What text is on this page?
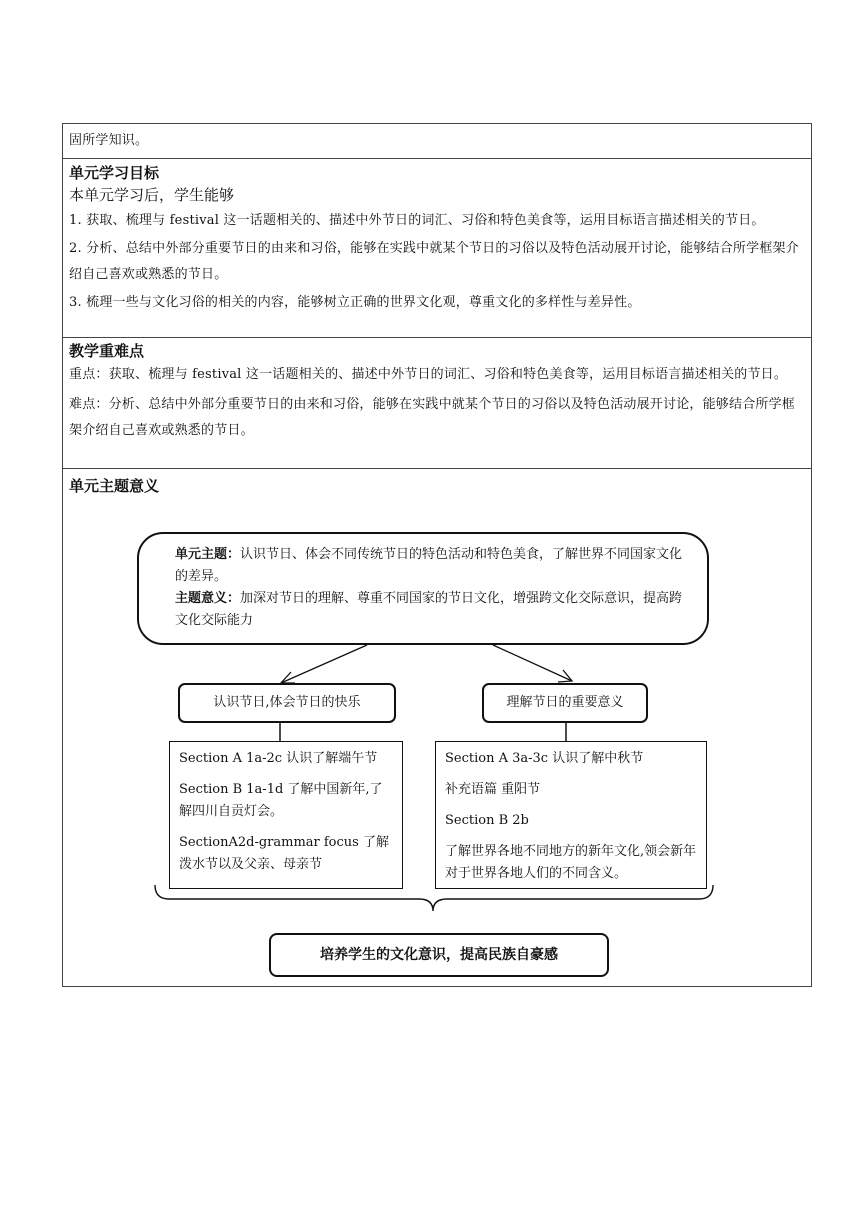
固所学知识。
单元学习目标
本单元学习后，学生能够
1. 获取、梳理与 festival 这一话题相关的、描述中外节日的词汇、习俗和特色美食等，运用目标语言描述相关的节日。
2. 分析、总结中外部分重要节日的由来和习俗，能够在实践中就某个节日的习俗以及特色活动展开讨论，能够结合所学框架介绍自己喜欢或熟悉的节日。
3. 梳理一些与文化习俗的相关的内容，能够树立正确的世界文化观，尊重文化的多样性与差异性。
教学重难点
重点：获取、梳理与 festival 这一话题相关的、描述中外节日的词汇、习俗和特色美食等，运用目标语言描述相关的节日。
难点：分析、总结中外部分重要节日的由来和习俗，能够在实践中就某个节日的习俗以及特色活动展开讨论，能够结合所学框架介绍自己喜欢或熟悉的节日。
单元主题意义
单元主题：认识节日、体会不同传统节日的特色活动和特色美食，了解世界不同国家文化的差异。
主题意义：加深对节日的理解、尊重不同国家的节日文化，增强跨文化交际意识，提高跨文化交际能力
认识节日,体会节日的快乐	理解节日的重要意义

Section A 1a-2c 认识了解端午节

Section B 1a-1d 了解中国新年,了解四川自贡灯会。

SectionA2d-grammar focus 了解泼水节以及父亲、母亲节

Section A 3a-3c 认识了解中秋节

补充语篇 重阳节

Section B 2b

了解世界各地不同地方的新年文化,领会新年对于世界各地人们的不同含义。

培养学生的文化意识，提高民族自豪感
